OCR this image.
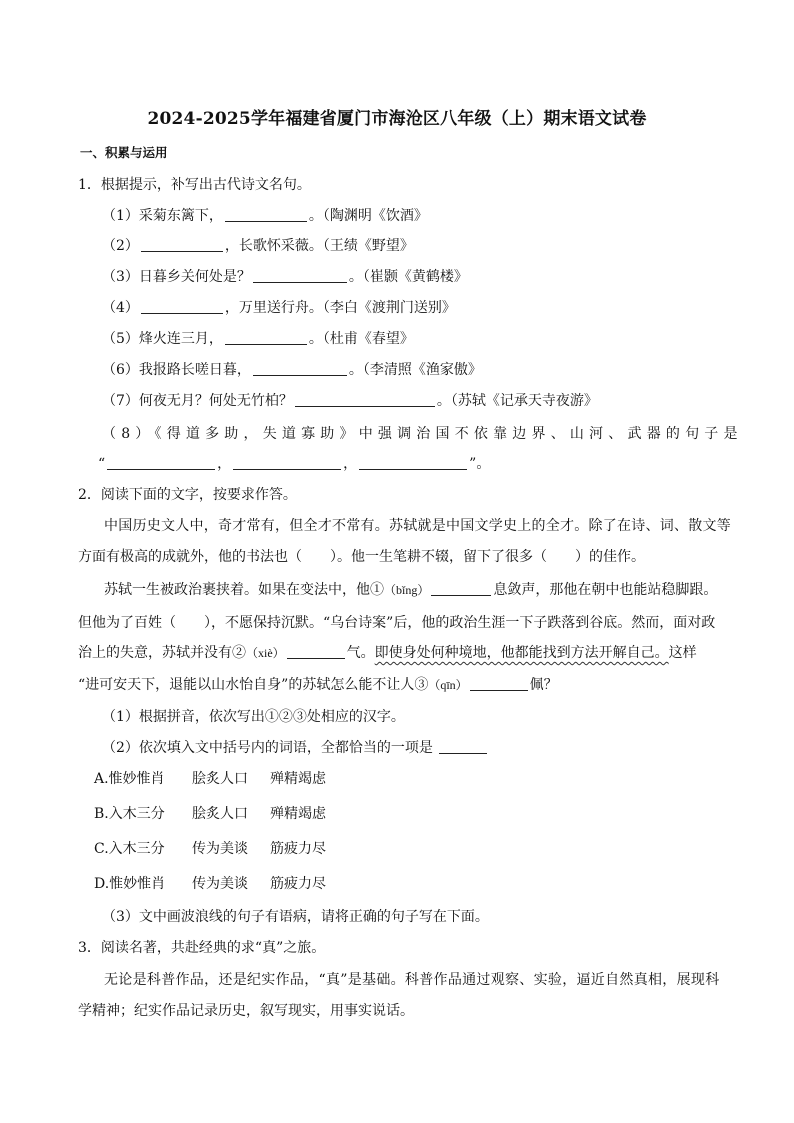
2024-2025学年福建省厦门市海沧区八年级（上）期末语文试卷
一、积累与运用
1．根据提示，补写出古代诗文名句。
（1）采菊东篱下，	。（陶渊明《饮酒》
（2）	，长歌怀采薇。（王绩《野望》
（3）日暮乡关何处是？	。（崔颢《黄鹤楼》
（4）	，万里送行舟。（李白《渡荆门送别》
（5）烽火连三月，	。（杜甫《春望》
（6）我报路长嗟日暮，	。（李清照《渔家傲》
（7）何夜无月？何处无竹柏？	。（苏轼《记承天寺夜游》
（8）《得道多助，失道寡助》中强调治国不依靠边界、山河、武器的句子是
“	，	，	”。
2．阅读下面的文字，按要求作答。
中国历史文人中，奇才常有，但全才不常有。苏轼就是中国文学史上的全才。除了在诗、词、散文等
方面有极高的成就外，他的书法也（　　）。他一生笔耕不辍，留下了很多（　　）的佳作。
苏轼一生被政治裹挟着。如果在变法中，他①（bǐng）	息敛声，那他在朝中也能站稳脚跟。
但他为了百姓（　　），不愿保持沉默。“乌台诗案”后，他的政治生涯一下子跌落到谷底。然而，面对政
治上的失意，苏轼并没有②（xiè）	气。即使身处何种境地，他都能找到方法开解自己。这样
“进可安天下，退能以山水怡自身”的苏轼怎么能不让人③（qīn）	佩？
（1）根据拼音，依次写出①②③处相应的汉字。
（2）依次填入文中括号内的词语，全都恰当的一项是
A.惟妙惟肖 脍炙人口 殚精竭虑
B.入木三分 脍炙人口 殚精竭虑
C.入木三分 传为美谈 筋疲力尽
D.惟妙惟肖 传为美谈 筋疲力尽
（3）文中画波浪线的句子有语病，请将正确的句子写在下面。
3．阅读名著，共赴经典的求“真”之旅。
无论是科普作品，还是纪实作品，“真”是基础。科普作品通过观察、实验，逼近自然真相，展现科
学精神；纪实作品记录历史，叙写现实，用事实说话。
